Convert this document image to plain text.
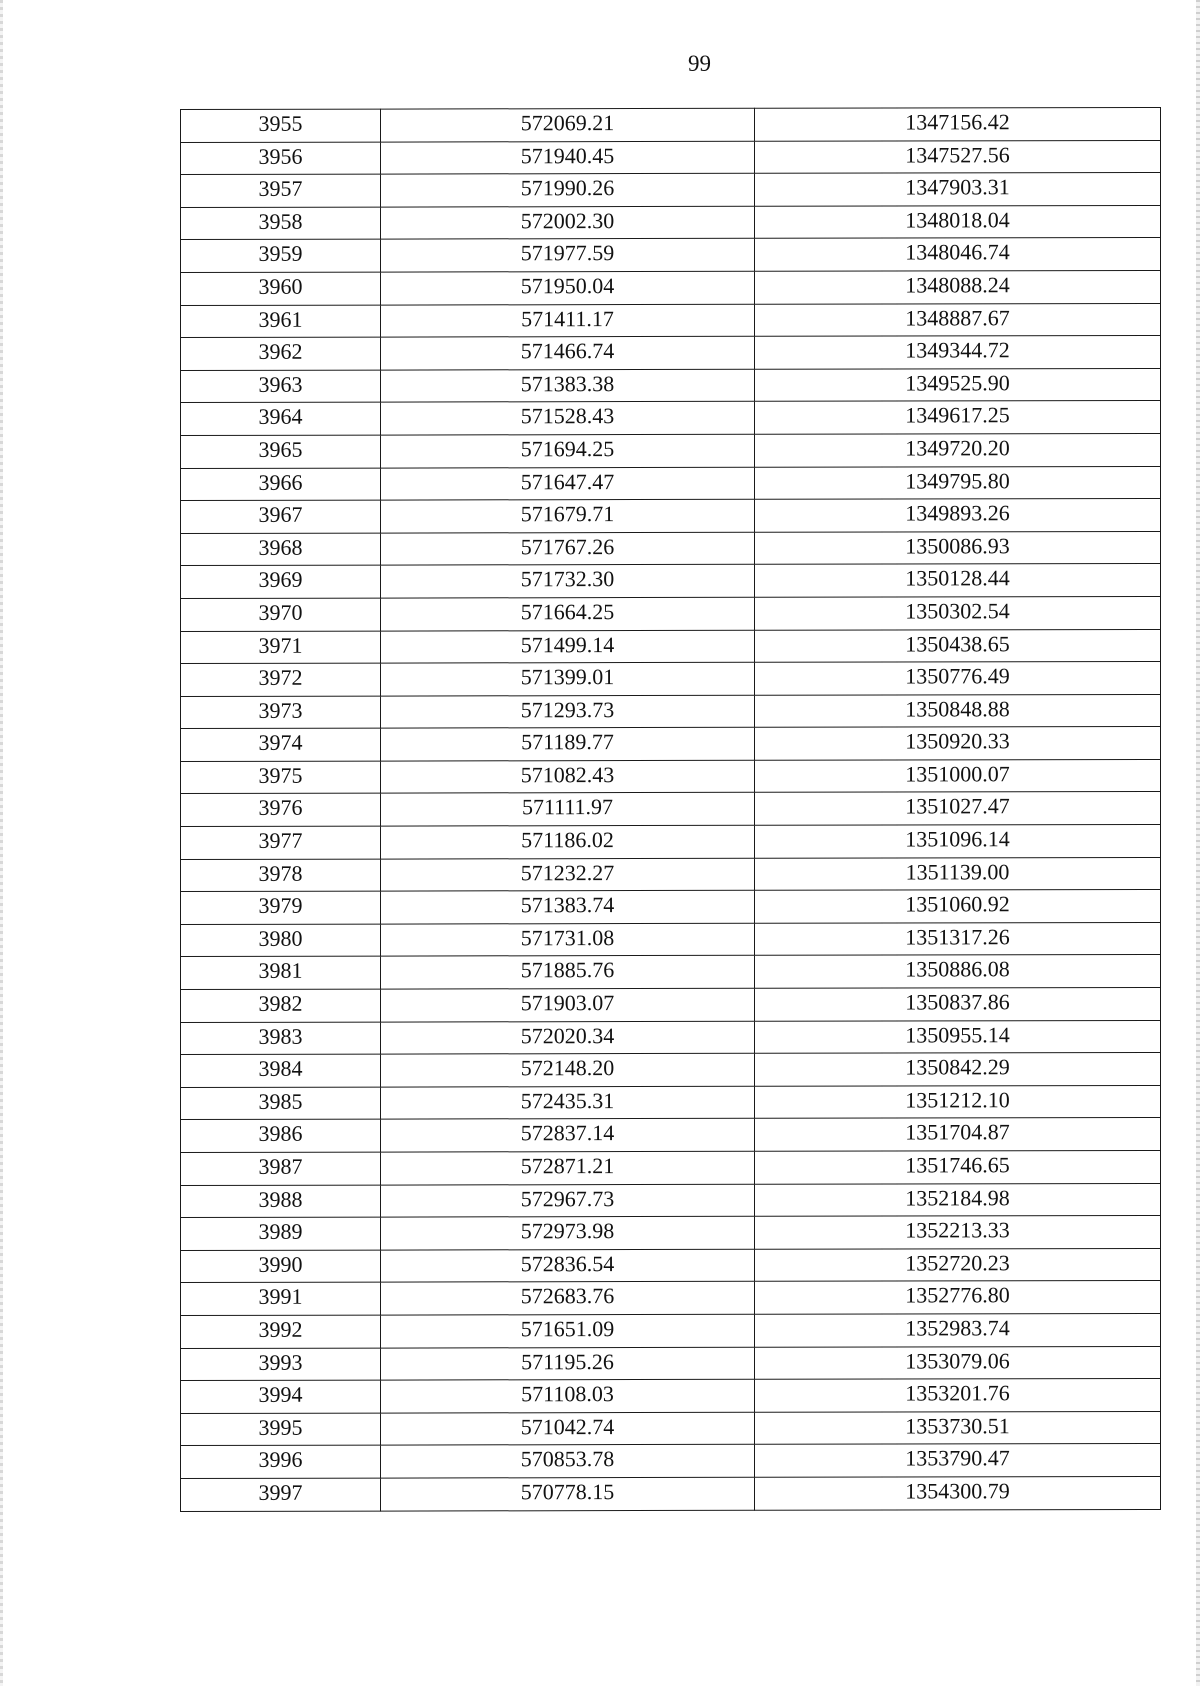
99
3955	572069.21	1347156.42
3956	571940.45	1347527.56
3957	571990.26	1347903.31
3958	572002.30	1348018.04
3959	571977.59	1348046.74
3960	571950.04	1348088.24
3961	571411.17	1348887.67
3962	571466.74	1349344.72
3963	571383.38	1349525.90
3964	571528.43	1349617.25
3965	571694.25	1349720.20
3966	571647.47	1349795.80
3967	571679.71	1349893.26
3968	571767.26	1350086.93
3969	571732.30	1350128.44
3970	571664.25	1350302.54
3971	571499.14	1350438.65
3972	571399.01	1350776.49
3973	571293.73	1350848.88
3974	571189.77	1350920.33
3975	571082.43	1351000.07
3976	571111.97	1351027.47
3977	571186.02	1351096.14
3978	571232.27	1351139.00
3979	571383.74	1351060.92
3980	571731.08	1351317.26
3981	571885.76	1350886.08
3982	571903.07	1350837.86
3983	572020.34	1350955.14
3984	572148.20	1350842.29
3985	572435.31	1351212.10
3986	572837.14	1351704.87
3987	572871.21	1351746.65
3988	572967.73	1352184.98
3989	572973.98	1352213.33
3990	572836.54	1352720.23
3991	572683.76	1352776.80
3992	571651.09	1352983.74
3993	571195.26	1353079.06
3994	571108.03	1353201.76
3995	571042.74	1353730.51
3996	570853.78	1353790.47
3997	570778.15	1354300.79
